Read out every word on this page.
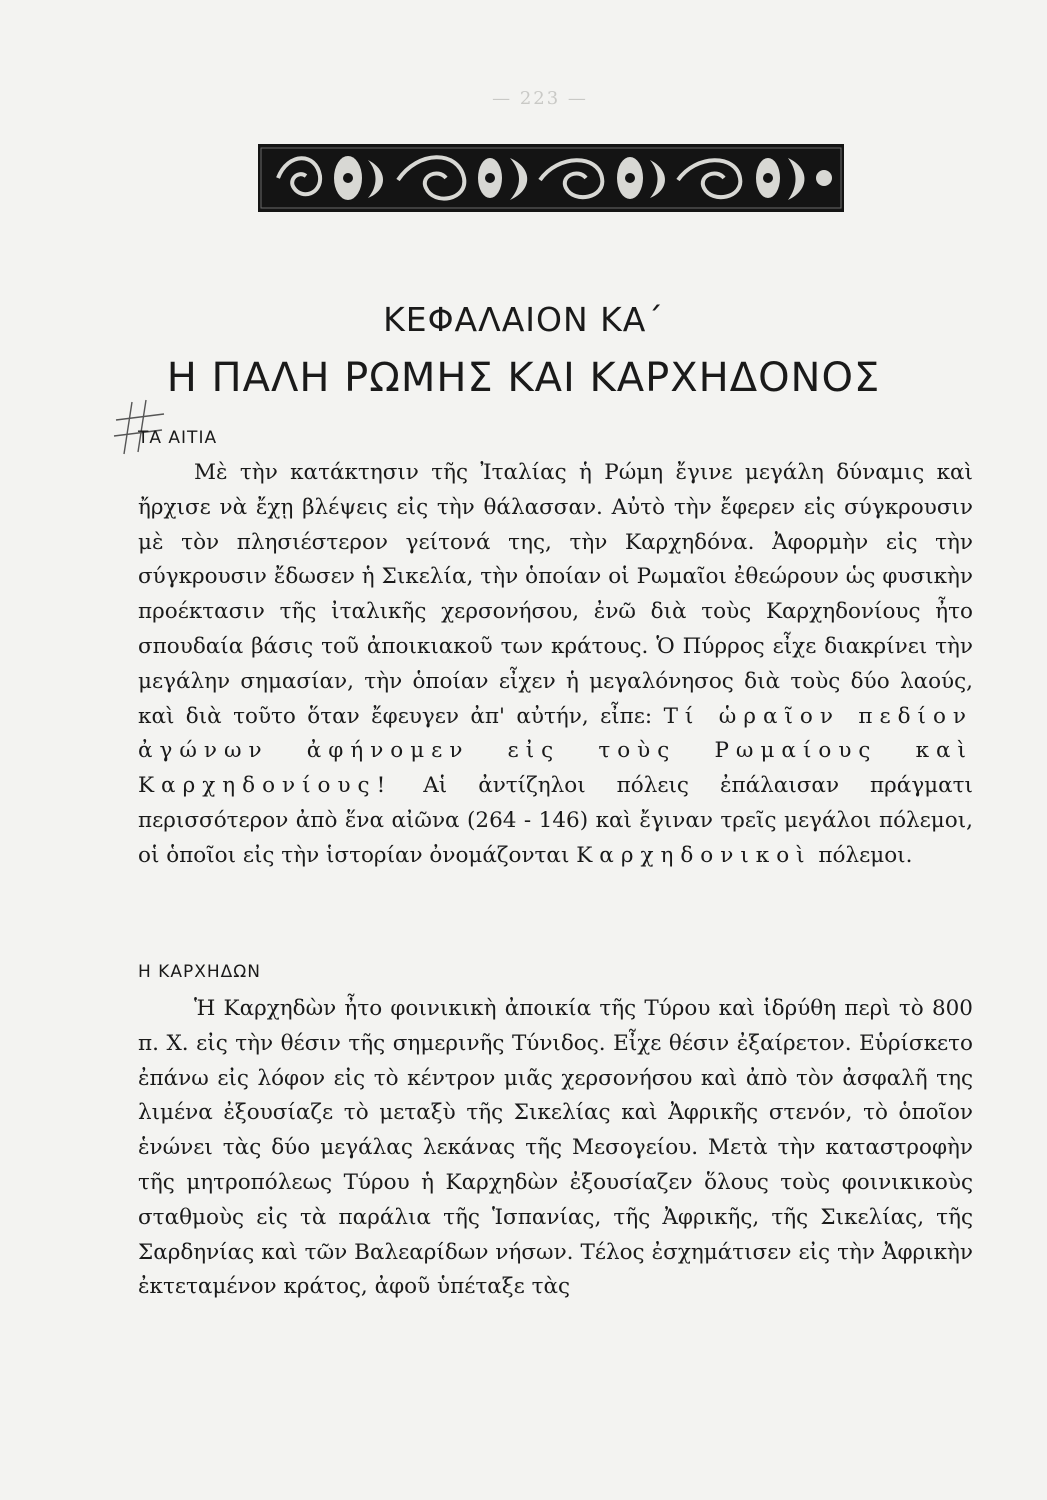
— 223 —
ΚΕΦΑΛΑΙΟΝ ΚΑ΄
Η ΠΑΛΗ ΡΩΜΗΣ ΚΑΙ ΚΑΡΧΗΔΟΝΟΣ
ΤΑ ΑΙΤΙΑ

Μὲ τὴν κατάκτησιν τῆς Ἰταλίας ἡ Ρώμη ἔγινε μεγάλη δύναμις καὶ ἤρχισε νὰ ἔχῃ βλέψεις εἰς τὴν θάλασσαν. Αὐτὸ τὴν ἔφερεν εἰς σύγκρουσιν μὲ τὸν πλησιέστερον γείτονά της, τὴν Καρχηδόνα. Ἀφορμὴν εἰς τὴν σύγκρουσιν ἔδωσεν ἡ Σικελία, τὴν ὁποίαν οἱ Ρωμαῖοι ἐθεώρουν ὡς φυσικὴν προέκτασιν τῆς ἰταλικῆς χερσονήσου, ἐνῶ διὰ τοὺς Καρχηδονίους ἦτο σπουδαία βάσις τοῦ ἀποικιακοῦ των κράτους. Ὁ Πύρρος εἶχε διακρίνει τὴν μεγάλην σημασίαν, τὴν ὁποίαν εἶχεν ἡ μεγαλόνησος διὰ τοὺς δύο λαούς, καὶ διὰ τοῦτο ὅταν ἔφευγεν ἀπ' αὐτήν, εἶπε: Τί ὡραῖον πεδίον ἀγώνων ἀφήνομεν εἰς τοὺς Ρωμαίους καὶ Καρχηδονίους! Αἱ ἀντίζηλοι πόλεις ἐπάλαισαν πράγματι περισσότερον ἀπὸ ἕνα αἰῶνα (264 - 146) καὶ ἔγιναν τρεῖς μεγάλοι πόλεμοι, οἱ ὁποῖοι εἰς τὴν ἱστορίαν ὀνομάζονται Καρχηδονικοὶ πόλεμοι.

Η ΚΑΡΧΗΔΩΝ

Ἡ Καρχηδὼν ἦτο φοινικικὴ ἀποικία τῆς Τύρου καὶ ἱδρύθη περὶ τὸ 800 π. Χ. εἰς τὴν θέσιν τῆς σημερινῆς Τύνιδος. Εἶχε θέσιν ἐξαίρετον. Εὑρίσκετο ἐπάνω εἰς λόφον εἰς τὸ κέντρον μιᾶς χερσονήσου καὶ ἀπὸ τὸν ἀσφαλῆ της λιμένα ἐξουσίαζε τὸ μεταξὺ τῆς Σικελίας καὶ Ἀφρικῆς στενόν, τὸ ὁποῖον ἑνώνει τὰς δύο μεγάλας λεκάνας τῆς Μεσογείου. Μετὰ τὴν καταστροφὴν τῆς μητροπόλεως Τύρου ἡ Καρχηδὼν ἐξουσίαζεν ὅλους τοὺς φοινικικοὺς σταθμοὺς εἰς τὰ παράλια τῆς Ἱσπανίας, τῆς Ἀφρικῆς, τῆς Σικελίας, τῆς Σαρδηνίας καὶ τῶν Βαλεαρίδων νήσων. Τέλος ἐσχημάτισεν εἰς τὴν Ἀφρικὴν ἐκτεταμένον κράτος, ἀφοῦ ὑπέταξε τὰς
